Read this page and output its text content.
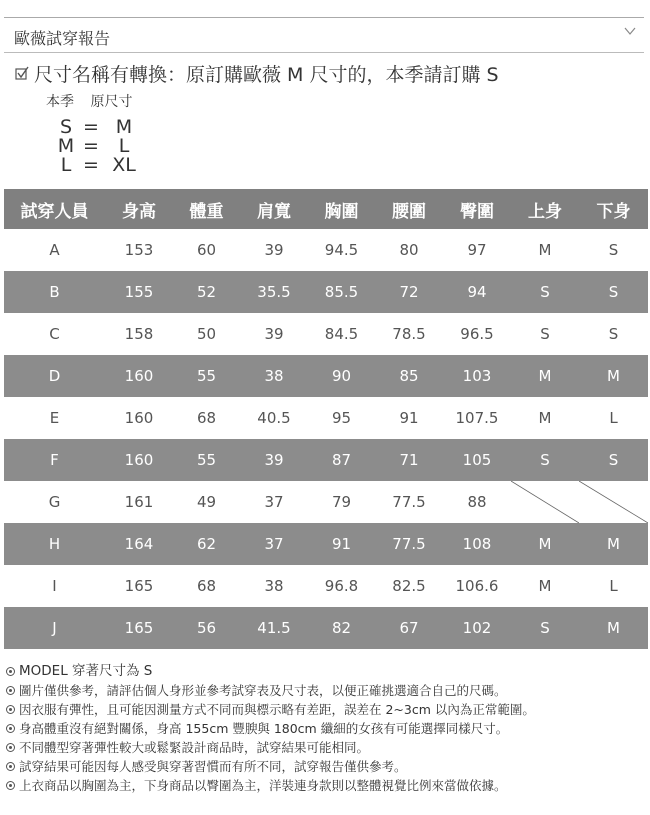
歐薇試穿報告
尺寸名稱有轉換：原訂購歐薇 M 尺寸的，本季請訂購 S
本季 原尺寸
S = M
M =	L
L = XL
試穿人員	身高	體重	肩寬	胸圍	腰圍	臀圍	上身	下身
A	153	60	39	94.5	80	97	M	S
B	155	52	35.5	85.5	72	94	S	S
C	158	50	39	84.5	78.5	96.5	S	S
D	160	55	38	90	85	103	M	M
E	160	68	40.5	95	91	107.5	M	L
F	160	55	39	87	71	105	S	S
G	161	49	37	79	77.5	88	

H	164	62	37	91	77.5	108	M	M
I	165	68	38	96.8	82.5	106.6	M	L
J	165	56	41.5	82	67	102	S	M
MODEL 穿著尺寸為 S
圖片僅供參考，請評估個人身形並參考試穿表及尺寸表，以便正確挑選適合自己的尺碼。
因衣服有彈性，且可能因測量方式不同而與標示略有差距，誤差在 2~3cm 以內為正常範圍。
身高體重沒有絕對關係，身高 155cm 豐腴與 180cm 纖細的女孩有可能選擇同樣尺寸。
不同體型穿著彈性較大或鬆緊設計商品時，試穿結果可能相同。
試穿結果可能因每人感受與穿著習慣而有所不同，試穿報告僅供參考。
上衣商品以胸圍為主，下身商品以臀圍為主，洋裝連身款則以整體視覺比例來當做依據。
